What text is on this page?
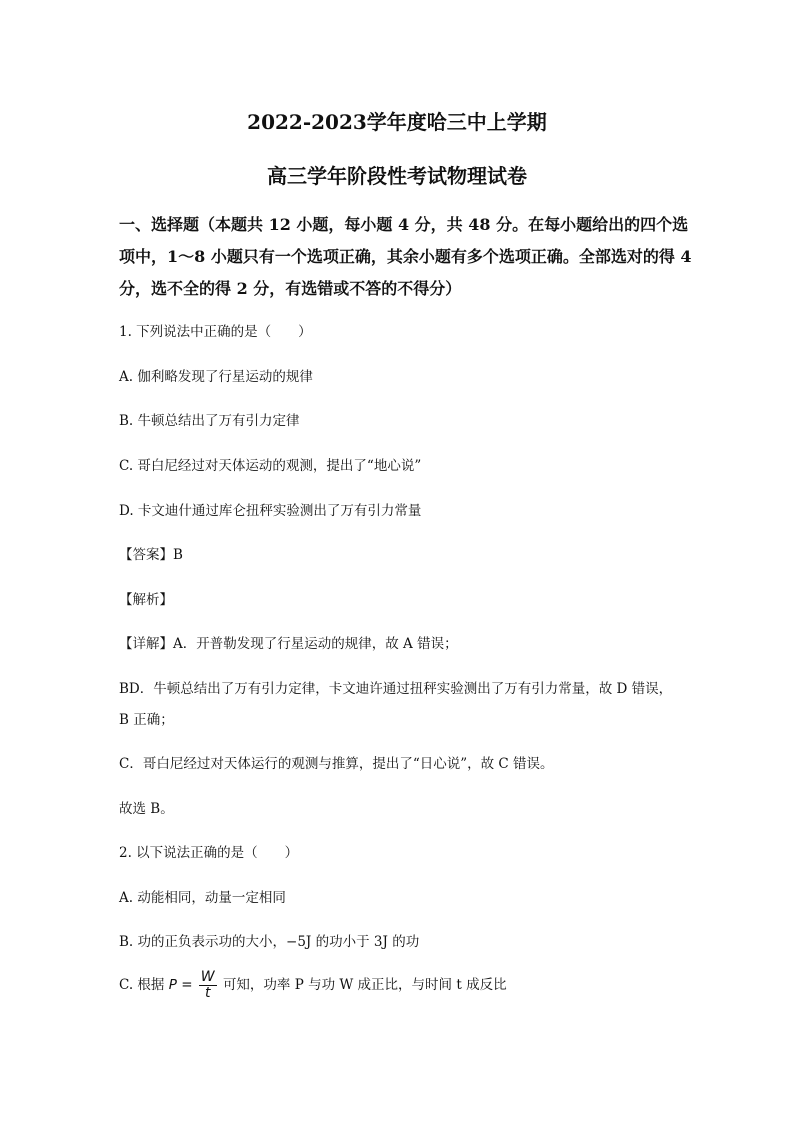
2022-2023学年度哈三中上学期
高三学年阶段性考试物理试卷
一、选择题（本题共 12 小题，每小题 4 分，共 48 分。在每小题给出的四个选
项中，1～8 小题只有一个选项正确，其余小题有多个选项正确。全部选对的得 4
分，选不全的得 2 分，有选错或不答的不得分）
1. 下列说法中正确的是（　　）
A. 伽利略发现了行星运动的规律
B. 牛顿总结出了万有引力定律
C. 哥白尼经过对天体运动的观测，提出了“地心说”
D. 卡文迪什通过库仑扭秤实验测出了万有引力常量
【答案】B
【解析】
【详解】A．开普勒发现了行星运动的规律，故 A 错误；
BD．牛顿总结出了万有引力定律，卡文迪许通过扭秤实验测出了万有引力常量，故 D 错误，
B 正确；
C．哥白尼经过对天体运行的观测与推算，提出了“日心说”，故 C 错误。
故选 B。
2. 以下说法正确的是（　　）
A. 动能相同，动量一定相同
B. 功的正负表示功的大小，−5J 的功小于 3J 的功
C. 根据 $P = \frac{W}{t}$ 可知，功率 P 与功 W 成正比，与时间 t 成反比
